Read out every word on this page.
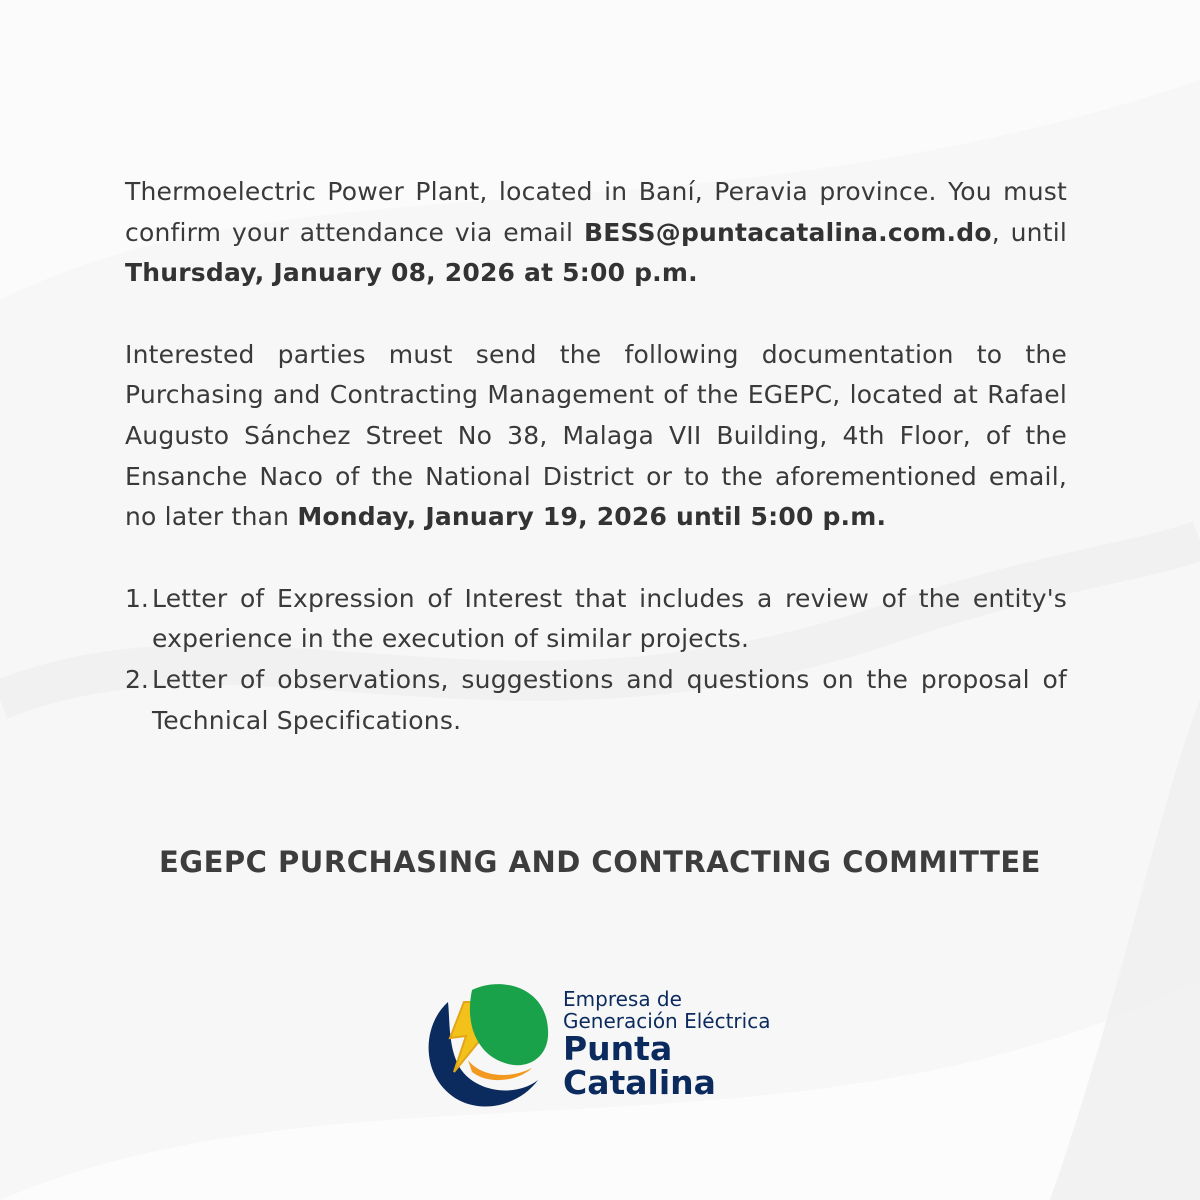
Thermoelectric Power Plant, located in Baní, Peravia province. You must confirm your attendance via email BESS@puntacatalina.com.do, until Thursday, January 08, 2026 at 5:00 p.m.

Interested parties must send the following documentation to the Purchasing and Contracting Management of the EGEPC, located at Rafael Augusto Sánchez Street No 38, Malaga VII Building, 4th Floor, of the Ensanche Naco of the National District or to the aforementioned email, no later than Monday, January 19, 2026 until 5:00 p.m.

1. Letter of Expression of Interest that includes a review of the entity's experience in the execution of similar projects.
2.
Letter of observations, suggestions and questions on the proposal of Technical Specifications.
EGEPC PURCHASING AND CONTRACTING COMMITTEE
Empresa de
Generación Eléctrica
Punta
Catalina
